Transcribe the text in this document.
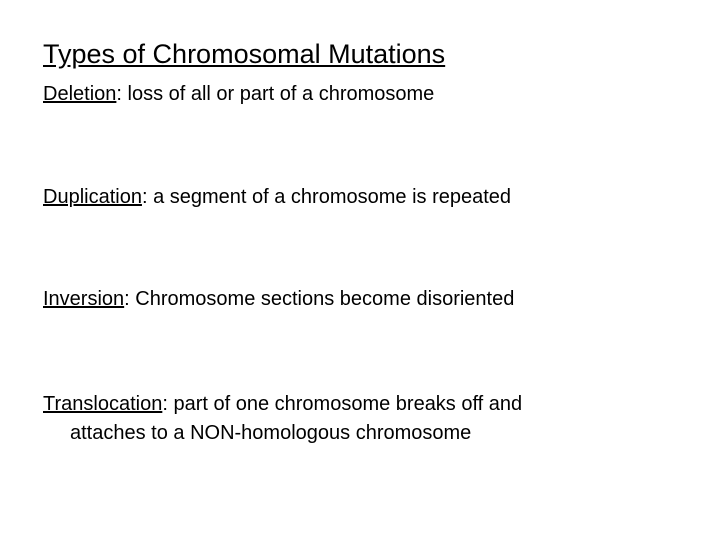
Types of Chromosomal Mutations
Deletion: loss of all or part of a chromosome
Duplication: a segment of a chromosome is repeated
Inversion: Chromosome sections become disoriented
Translocation: part of one chromosome breaks off and
attaches to a NON-homologous chromosome
